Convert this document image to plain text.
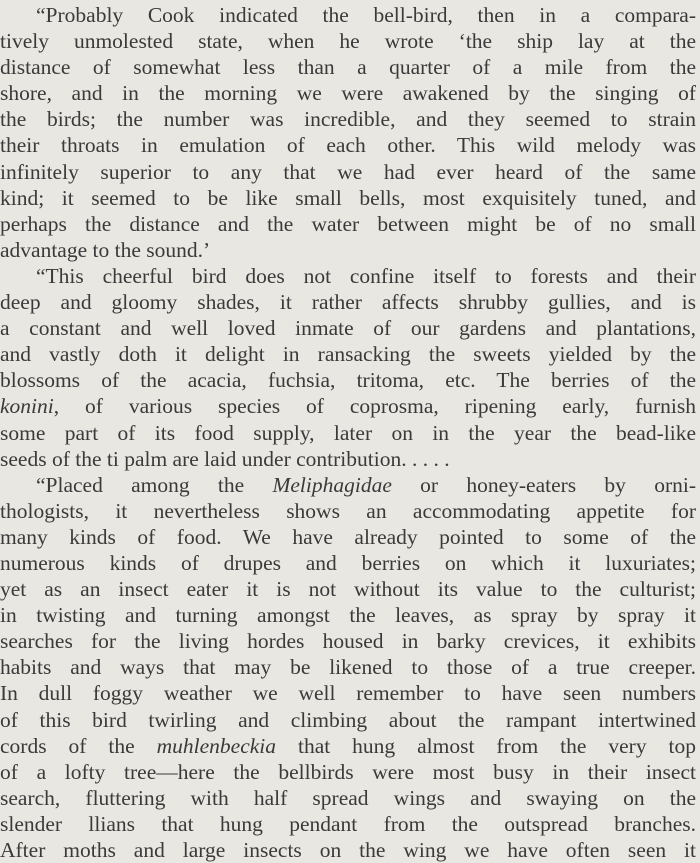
“Probably Cook indicated the bell-bird, then in a compara-
tively unmolested state, when he wrote ‘the ship lay at the
distance of somewhat less than a quarter of a mile from the
shore, and in the morning we were awakened by the singing of
the birds; the number was incredible, and they seemed to strain
their throats in emulation of each other. This wild melody was
infinitely superior to any that we had ever heard of the same
kind; it seemed to be like small bells, most exquisitely tuned, and
perhaps the distance and the water between might be of no small
advantage to the sound.’
“This cheerful bird does not confine itself to forests and their
deep and gloomy shades, it rather affects shrubby gullies, and is
a constant and well loved inmate of our gardens and plantations,
and vastly doth it delight in ransacking the sweets yielded by the
blossoms of the acacia, fuchsia, tritoma, etc. The berries of the
konini, of various species of coprosma, ripening early, furnish
some part of its food supply, later on in the year the bead-like
seeds of the ti palm are laid under contribution. . . . .
“Placed among the Meliphagidae or honey-eaters by orni-
thologists, it nevertheless shows an accommodating appetite for
many kinds of food. We have already pointed to some of the
numerous kinds of drupes and berries on which it luxuriates;
yet as an insect eater it is not without its value to the culturist;
in twisting and turning amongst the leaves, as spray by spray it
searches for the living hordes housed in barky crevices, it exhibits
habits and ways that may be likened to those of a true creeper.
In dull foggy weather we well remember to have seen numbers
of this bird twirling and climbing about the rampant intertwined
cords of the muhlenbeckia that hung almost from the very top
of a lofty tree—here the bellbirds were most busy in their insect
search, fluttering with half spread wings and swaying on the
slender llians that hung pendant from the outspread branches.
After moths and large insects on the wing we have often seen it
